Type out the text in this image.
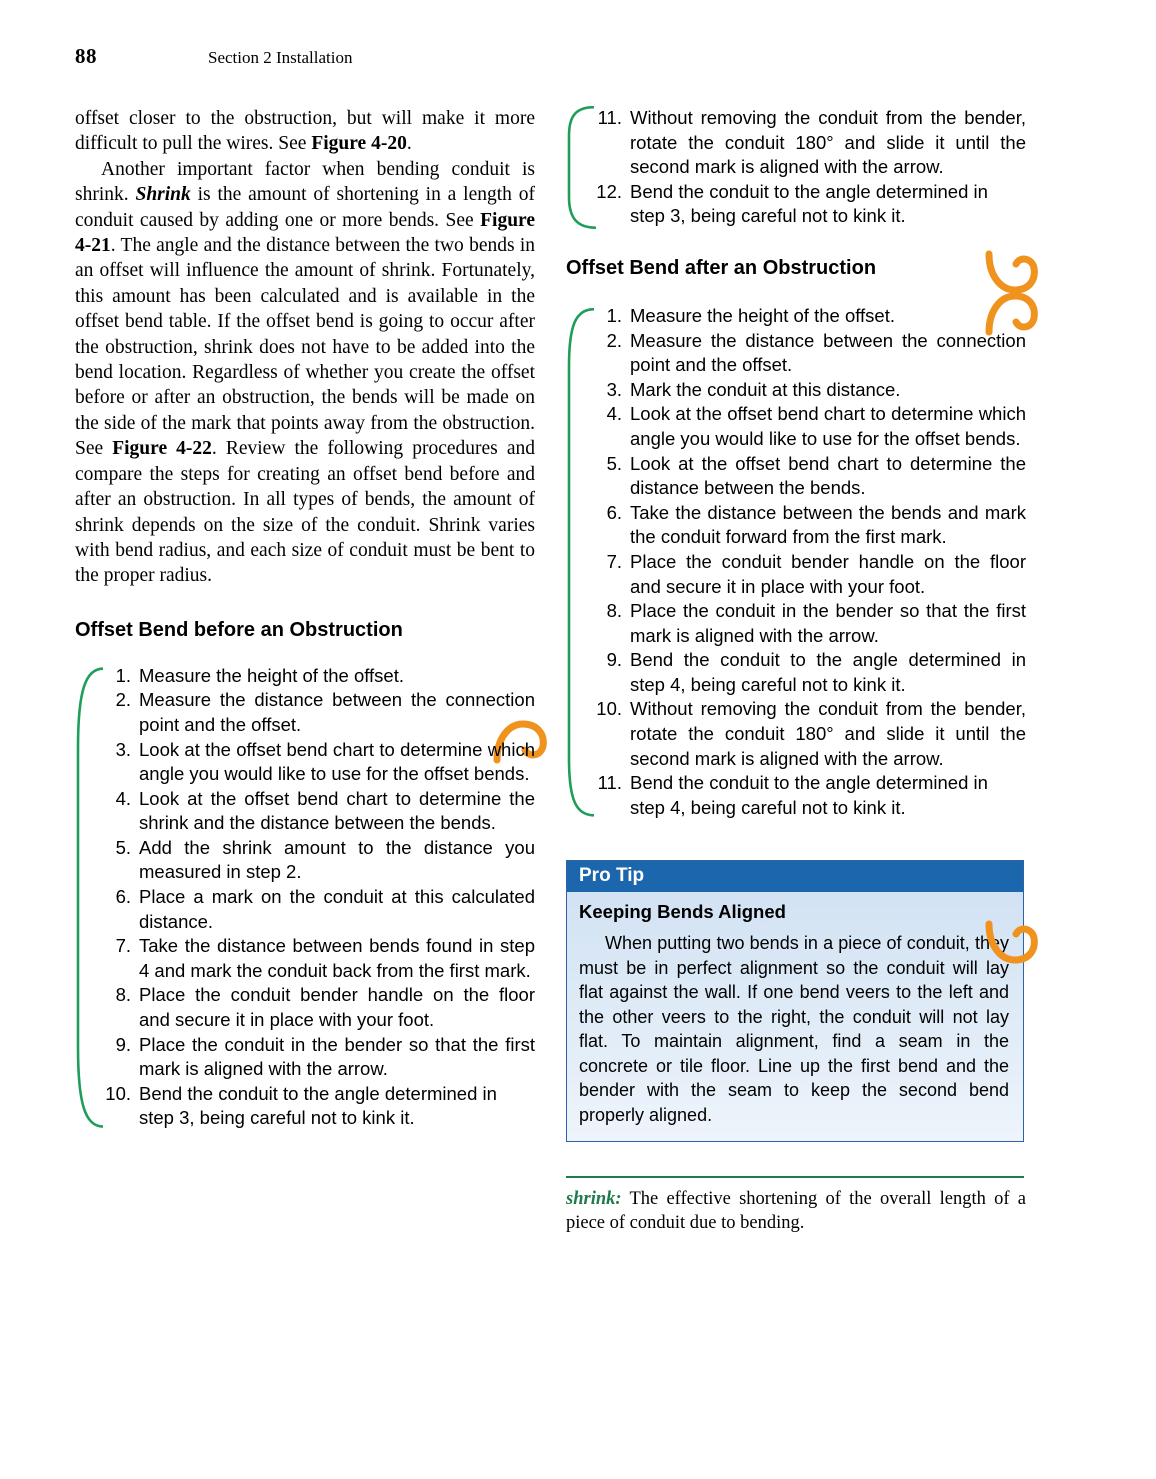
88	Section 2 Installation

offset closer to the obstruction, but will make it more difficult to pull the wires. See Figure 4-20.

Another important factor when bending conduit is shrink. Shrink is the amount of shortening in a length of conduit caused by adding one or more bends. See Figure 4-21. The angle and the distance between the two bends in an offset will influence the amount of shrink. Fortunately, this amount has been calculated and is available in the offset bend table. If the offset bend is going to occur after the obstruction, shrink does not have to be added into the bend location. Regardless of whether you create the offset before or after an obstruction, the bends will be made on the side of the mark that points away from the obstruction. See Figure 4-22. Review the following procedures and compare the steps for creating an offset bend before and after an obstruction. In all types of bends, the amount of shrink depends on the size of the conduit. Shrink varies with bend radius, and each size of conduit must be bent to the proper radius.

Offset Bend before an Obstruction
Measure the height of the offset.
Measure the distance between the connection point and the offset.
Look at the offset bend chart to determine which angle you would like to use for the offset bends.
Look at the offset bend chart to determine the shrink and the distance between the bends.
Add the shrink amount to the distance you measured in step 2.
Place a mark on the conduit at this calculated distance.
Take the distance between bends found in step 4 and mark the conduit back from the first mark.
Place the conduit bender handle on the floor and secure it in place with your foot.
Place the conduit in the bender so that the first mark is aligned with the arrow.
Bend the conduit to the angle determined in step 3, being careful not to kink it.
Without removing the conduit from the bender, rotate the conduit 180° and slide it until the second mark is aligned with the arrow.
Bend the conduit to the angle determined in step 3, being careful not to kink it.
Offset Bend after an Obstruction
Measure the height of the offset.
Measure the distance between the connection point and the offset.
Mark the conduit at this distance.
Look at the offset bend chart to determine which angle you would like to use for the offset bends.
Look at the offset bend chart to determine the distance between the bends.
Take the distance between the bends and mark the conduit forward from the first mark.
Place the conduit bender handle on the floor and secure it in place with your foot.
Place the conduit in the bender so that the first mark is aligned with the arrow.
Bend the conduit to the angle determined in step 4, being careful not to kink it.
Without removing the conduit from the bender, rotate the conduit 180° and slide it until the second mark is aligned with the arrow.
Bend the conduit to the angle determined in step 4, being careful not to kink it.
Pro Tip
Keeping Bends Aligned
When putting two bends in a piece of conduit, they must be in perfect alignment so the conduit will lay flat against the wall. If one bend veers to the left and the other veers to the right, the conduit will not lay flat. To maintain alignment, find a seam in the concrete or tile floor. Line up the first bend and the bender with the seam to keep the second bend properly aligned.

shrink: The effective shortening of the overall length of a piece of conduit due to bending.
